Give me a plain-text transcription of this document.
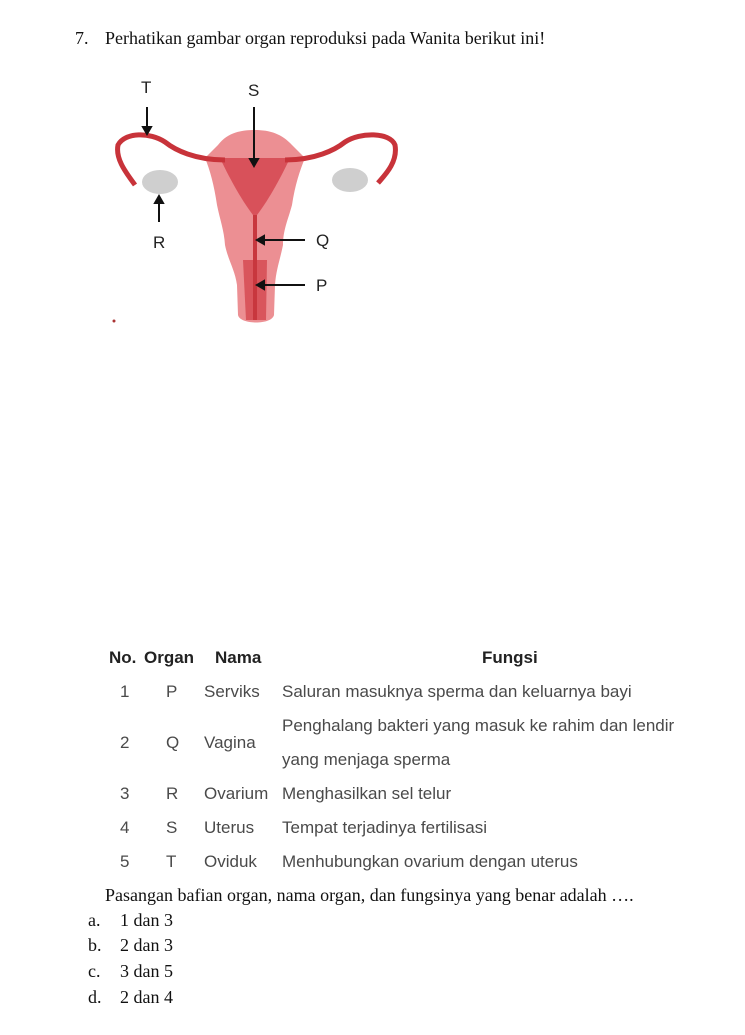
7. Perhatikan gambar organ reproduksi pada Wanita berikut ini!
T	S
R	Q
P
No. Organ Nama	Fungsi
1 P Serviks Saluran masuknya sperma dan keluarnya bayi
2 Q Vagina
Penghalang bakteri yang masuk ke rahim dan lendir
yang menjaga sperma
3 R Ovarium Menghasilkan sel telur
4 S Uterus Tempat terjadinya fertilisasi
5 T Oviduk Menhubungkan ovarium dengan uterus
Pasangan bafian organ, nama organ, dan fungsinya yang benar adalah ….
a. 1 dan 3
b. 2 dan 3
c. 3 dan 5
d. 2 dan 4
